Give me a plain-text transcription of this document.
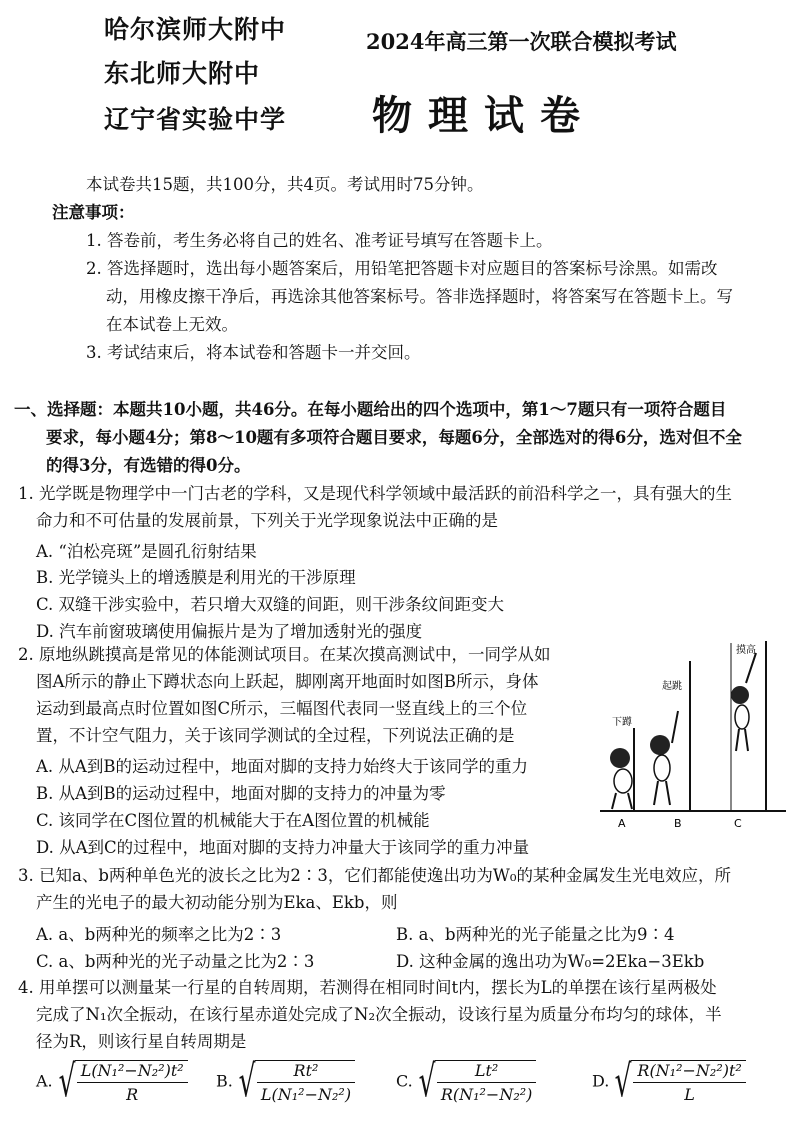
哈尔滨师大附中
东北师大附中
辽宁省实验中学
2024年高三第一次联合模拟考试
物理试卷
本试卷共15题，共100分，共4页。考试用时75分钟。
注意事项：
1. 答卷前，考生务必将自己的姓名、准考证号填写在答题卡上。
2. 答选择题时，选出每小题答案后，用铅笔把答题卡对应题目的答案标号涂黑。如需改
动，用橡皮擦干净后，再选涂其他答案标号。答非选择题时，将答案写在答题卡上。写
在本试卷上无效。
3. 考试结束后，将本试卷和答题卡一并交回。
一、选择题：本题共10小题，共46分。在每小题给出的四个选项中，第1～7题只有一项符合题目
要求，每小题4分；第8～10题有多项符合题目要求，每题6分，全部选对的得6分，选对但不全
的得3分，有选错的得0分。
1. 光学既是物理学中一门古老的学科，又是现代科学领域中最活跃的前沿科学之一，具有强大的生
命力和不可估量的发展前景，下列关于光学现象说法中正确的是
A. “泊松亮斑”是圆孔衍射结果
B. 光学镜头上的增透膜是利用光的干涉原理
C. 双缝干涉实验中，若只增大双缝的间距，则干涉条纹间距变大
D. 汽车前窗玻璃使用偏振片是为了增加透射光的强度
2. 原地纵跳摸高是常见的体能测试项目。在某次摸高测试中，一同学从如
图A所示的静止下蹲状态向上跃起，脚刚离开地面时如图B所示，身体
运动到最高点时位置如图C所示，三幅图代表同一竖直线上的三个位
置，不计空气阻力，关于该同学测试的全过程，下列说法正确的是
A. 从A到B的运动过程中，地面对脚的支持力始终大于该同学的重力
B. 从A到B的运动过程中，地面对脚的支持力的冲量为零
C. 该同学在C图位置的机械能大于在A图位置的机械能
D. 从A到C的过程中，地面对脚的支持力冲量大于该同学的重力冲量
下蹲
起跳
摸高
A	B	C
3. 已知a、b两种单色光的波长之比为2∶3，它们都能使逸出功为W₀的某种金属发生光电效应，所
产生的光电子的最大初动能分别为Eka、Ekb，则
A. a、b两种光的频率之比为2∶3	B. a、b两种光的光子能量之比为9∶4
C. a、b两种光的光子动量之比为2∶3	D. 这种金属的逸出功为W₀=2Eka−3Ekb
4. 用单摆可以测量某一行星的自转周期，若测得在相同时间t内，摆长为L的单摆在该行星两极处
完成了N₁次全振动，在该行星赤道处完成了N₂次全振动，设该行星为质量分布均匀的球体，半
径为R，则该行星自转周期是
A. √ $\frac{\text{L(N₁²−N₂²)t²}}{R} B$. √ $\frac{\text{Rt²}}{\text{L(N₁²−N₂²)}}$	C. √ $\frac{\text{Lt²}}{\text{R(N₁²−N₂²)}}$	D. √ $\frac{\text{R(N₁²−N₂²)t²}}{L}$
